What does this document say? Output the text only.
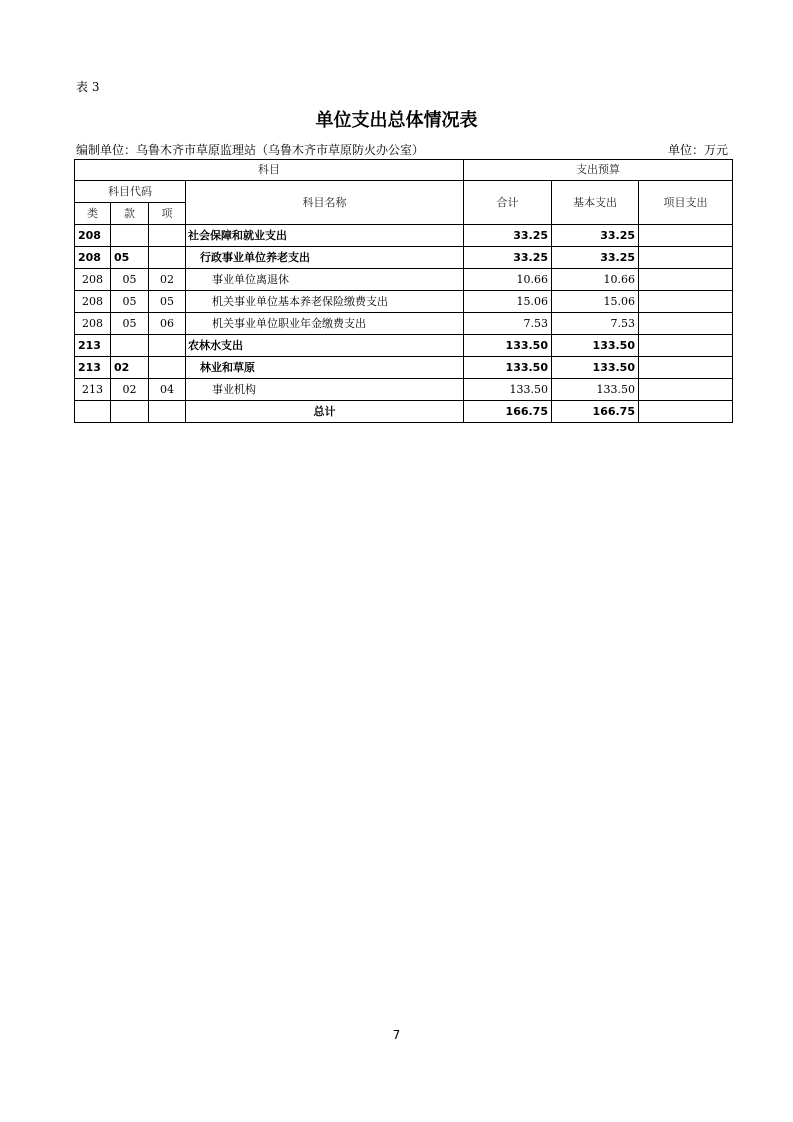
表 3
单位支出总体情况表
编制单位：乌鲁木齐市草原监理站（乌鲁木齐市草原防火办公室）	单位：万元
科目				支出预算		
科目代码			科目名称	合计	基本支出	项目支出
类	款	项				
208			社会保障和就业支出	33.25	33.25	
208	05		行政事业单位养老支出	33.25	33.25	
208	05	02	事业单位离退休	10.66	10.66	
208	05	05	机关事业单位基本养老保险缴费支出	15.06	15.06	
208	05	06	机关事业单位职业年金缴费支出	7.53	7.53	
213			农林水支出	133.50	133.50	
213	02		林业和草原	133.50	133.50	
213	02	04	事业机构	133.50	133.50	
			总计	166.75	166.75	
7
